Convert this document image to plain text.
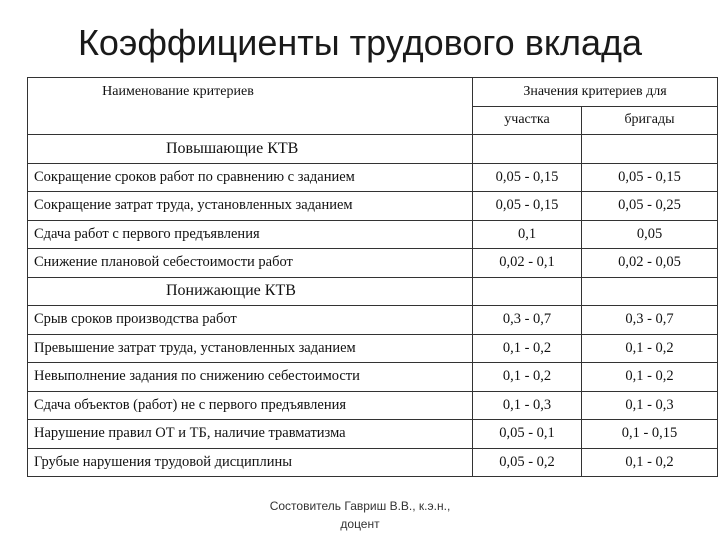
Коэффициенты трудового вклада
Наименование критериев	Значения критериев для	
	участка	бригады
Повышающие КТВ		
Сокращение сроков работ по сравнению с заданием	0,05 - 0,15	0,05 - 0,15
Сокращение затрат труда, установленных заданием	0,05 - 0,15	0,05 - 0,25
Сдача работ с первого предъявления	0,1	0,05
Снижение плановой себестоимости работ	0,02 - 0,1	0,02 - 0,05
Понижающие КТВ		
Срыв сроков производства работ	0,3 - 0,7	0,3 - 0,7
Превышение затрат труда, установленных заданием	0,1 - 0,2	0,1 - 0,2
Невыполнение задания по снижению себестоимости	0,1 - 0,2	0,1 - 0,2
Сдача объектов (работ) не с первого предъявления	0,1 - 0,3	0,1 - 0,3
Нарушение правил ОТ и ТБ, наличие травматизма	0,05 - 0,1	0,1 - 0,15
Грубые нарушения трудовой дисциплины	0,05 - 0,2	0,1 - 0,2
Состовитель Гавриш В.В., к.э.н.,
доцент
